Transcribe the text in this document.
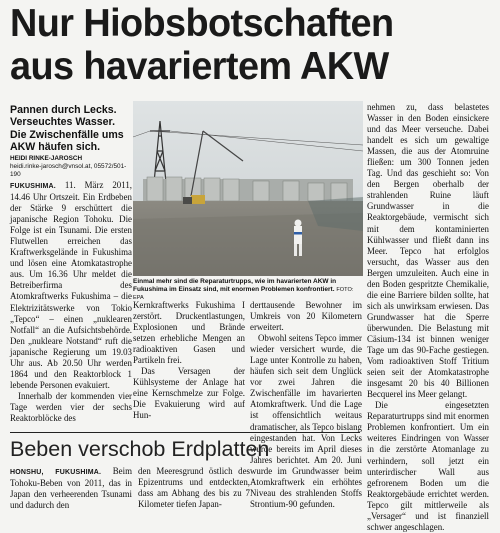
Nur Hiobsbotschaften
aus havariertem AKW
Pannen durch Lecks. Verseuchtes Wasser. Die Zwischenfälle ums AKW häufen sich.
HEIDI RINKE-JAROSCH
heidi.rinke-jarosch@vnsol.at, 05572/501-190

FUKUSHIMA. 11. März 2011, 14.46 Uhr Ortszeit. Ein Erdbeben der Stärke 9 erschüttert die japanische Region Tohoku. Die Folge ist ein Tsunami. Die ersten Flutwellen erreichen das Kraftwerksgelände in Fukushima und lösen eine Atomkatastrophe aus. Um 16.36 Uhr meldet die Betreiberfirma des Atomkraftwerks Fukushima – die Elektrizitätswerke von Tokio „Tepco“ – einen „nuklearen Notfall“ an die Aufsichtsbehörde. Den „nukleare Notstand“ ruft die japanische Regierung um 19.03 Uhr aus. Ab 20.50 Uhr werden 1864 und den Reaktorblock 1 lebende Personen evakuiert.

Innerhalb der kommenden vier Tage werden vier der sechs Reaktorblöcke des

Einmal mehr sind die Reparaturtrupps, wie im havarierten AKW in Fukushima im Einsatz sind, mit enormen Problemen konfrontiert. FOTO: EPA

Kernkraftwerks Fukushima I zerstört. Druckentlastungen, Explosionen und Brände setzen erhebliche Mengen an radioaktiven Gasen und Partikeln frei.

Das Versagen der Kühlsysteme der Anlage hat eine Kernschmelze zur Folge. Die Evakuierung wird auf Hun-

derttausende Bewohner im Umkreis von 20 Kilometern erweitert.

Obwohl seitens Tepco immer wieder versichert wurde, die Lage unter Kontrolle zu haben, häufen sich seit dem Unglück vor zwei Jahren die Zwischenfälle im havarierten Atomkraftwerk. Und die Lage ist offensichtlich weitaus dramatischer, als Tepco bislang eingestanden hat. Von Lecks wurde bereits im April dieses Jahres berichtet. Am 20. Juni wurde im Grundwasser beim Atomkraftwerk ein erhöhtes Niveau des strahlenden Stoffs Strontium-90 gefunden.

nehmen zu, dass belastetes Wasser in den Boden einsickere und das Meer verseuche. Dabei handelt es sich um gewaltige Massen, die aus der Atomruine fließen: um 300 Tonnen jeden Tag. Und das geschieht so: Von den Bergen oberhalb der strahlenden Ruine läuft Grundwasser in die Reaktorgebäude, vermischt sich mit dem kontaminierten Kühlwasser und fließt dann ins Meer. Tepco hat erfolglos versucht, das Wasser aus den Bergen umzuleiten. Auch eine in den Boden gespritzte Chemikalie, die eine Barriere bilden sollte, hat sich als unwirksam erwiesen. Das Grundwasser hat die Sperre überwunden. Die Belastung mit Cäsium-134 ist binnen weniger Tage um das 90-Fache gestiegen. Vom radioaktiven Stoff Tritium seien seit der Atomkatastrophe insgesamt 20 bis 40 Billionen Becquerel ins Meer gelangt.

Die eingesetzten Reparaturtrupps sind mit enormen Problemen konfrontiert. Um ein weiteres Eindringen von Wasser in die zerstörte Atomanlage zu verhindern, soll jetzt ein unterirdischer Wall aus gefrorenem Boden um die Reaktorgebäude errichtet werden. Tepco gilt mittlerweile als „Versager“ und ist finanziell schwer angeschlagen.

Beben verschob Erdplatten

HONSHU, FUKUSHIMA. Beim Tohoku-Beben von 2011, das in Japan den verheerenden Tsunami und dadurch den

den Meeresgrund östlich des Epizentrums und entdeckten, dass am Abhang des bis zu 7 Kilometer tiefen Japan-
